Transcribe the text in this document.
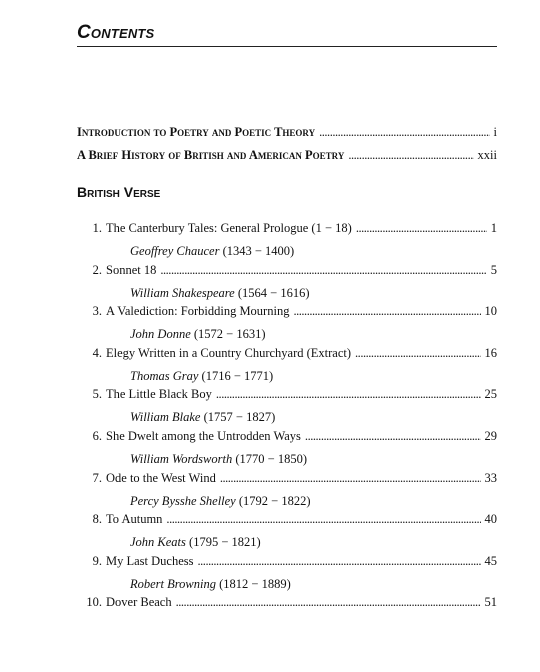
Contents
Introduction to Poetry and Poetic Theory . . .	i
A Brief History of British and American Poetry . . .	xxii
British Verse
1. The Canterbury Tales: General Prologue (1 − 18) . . .	1
Geoffrey Chaucer (1343 − 1400)
2. Sonnet 18 . . .	5
William Shakespeare (1564 − 1616)
3. A Valediction: Forbidding Mourning . . .	10
John Donne (1572 − 1631)
4. Elegy Written in a Country Churchyard (Extract) . . .	16
Thomas Gray (1716 − 1771)
5. The Little Black Boy . . .	25
William Blake (1757 − 1827)
6. She Dwelt among the Untrodden Ways . . .	29
William Wordsworth (1770 − 1850)
7. Ode to the West Wind . . .	33
Percy Bysshe Shelley (1792 − 1822)
8. To Autumn . . .	40
John Keats (1795 − 1821)
9. My Last Duchess . . .	45
Robert Browning (1812 − 1889)
10. Dover Beach . . .	51
